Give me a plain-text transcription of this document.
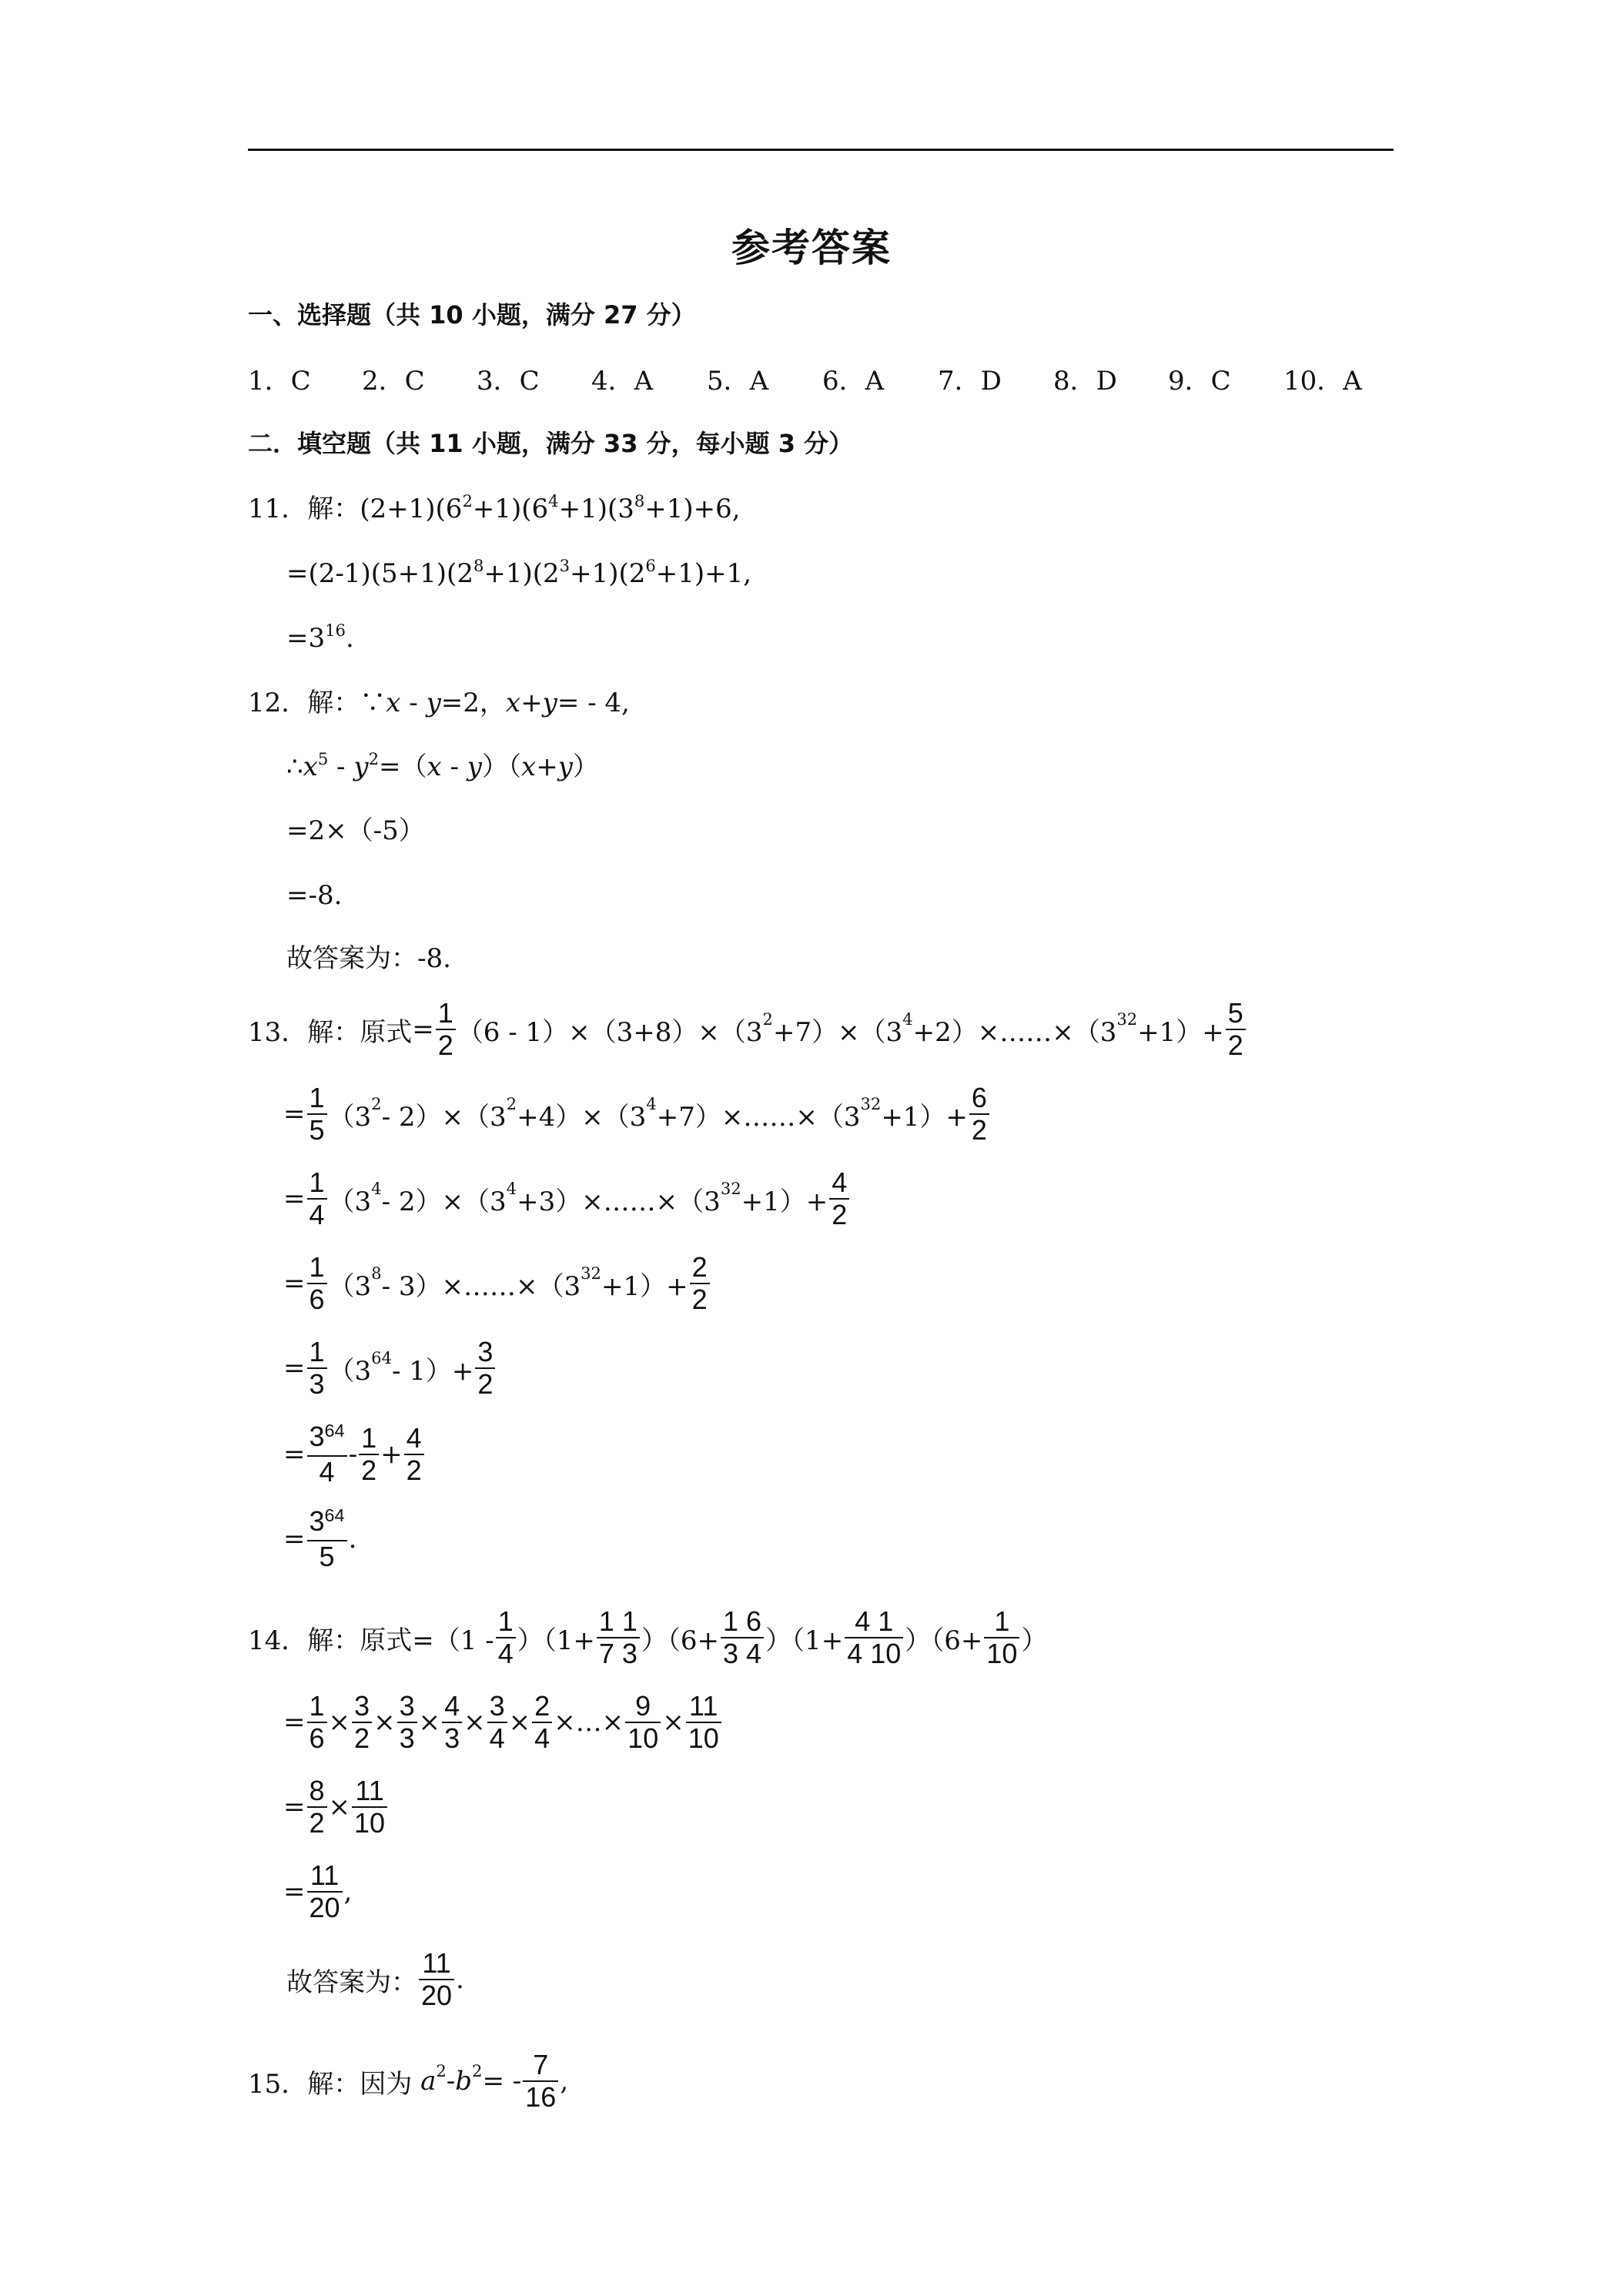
参考答案
一、选择题（共 10 小题，满分 27 分）
1．C 2．C 3．C 4．A 5．A 6．A 7．D 8．D 9．C 10．A
二．填空题（共 11 小题，满分 33 分，每小题 3 分）
11．解：$(2+1)(6^2+1)(6^4+1)(3^8+1)+6$,
$=(2-1)(5+1)(2^8+1)(2^3+1)(2^6+1)+1$,
$=3^{16}$.
12．解：∵x - y=2，x+y= - 4,
$\therefore x^5 - y^2=(x - y)(x+y)$
=2×（-5）
=-8.
故答案为：-8.
13．解：原式 = $\frac{1}{2} (6 - 1)\times(3+8)\times(3^2 +7)\times(3^4$ $+2)\times\dots\dots\times(3^{32} +1)+ \frac{5}{2}$
= $\frac{1}{5} (3^2 - 2)\times(3^2 +4)\times(3^4$ $+7)\times\dots\dots\times(3^{32} +1)+ \frac{6}{2}$
= $\frac{1}{4} (3^4 - 2)\times(3^4$ $+3)\times\dots\dots\times(3^{32} +1)+ \frac{4}{2}$
= $\frac{1}{6} (3^8$ - $3)\times\dots\dots\times(3^{32} +1)+ \frac{2}{2}$
= $\frac{1}{3} (3^{64} - 1)+ \frac{3}{2}$
= $\frac{3^{64}}{4} - \frac{1}{2} + \frac{4}{2}$
= $\frac{3^{64}}{5}$ .
14．解：原式 $=(1 - \frac{1}{4} )(1+ \frac{1 1}{7 3} )(6+ \frac{1 6}{3 4} )(1+ \frac{4 1}{4 10} )(6+ \frac{1}{10}$ ）
= $\frac{1}{6} \times \frac{3}{2} \times \frac{3}{3} \times \frac{4}{3} \times \frac{3}{4} \times \frac{2}{4}$ ×…× $\frac{9}{10} \times \frac{11}{10}$
= $\frac{8}{2} \times \frac{11}{10}$
= $\frac{11}{20}$ ,
故答案为： $\frac{11}{20}$ .
15．解：因为
$a^2 - b^2$ = - $\frac{7}{16}$ ,
